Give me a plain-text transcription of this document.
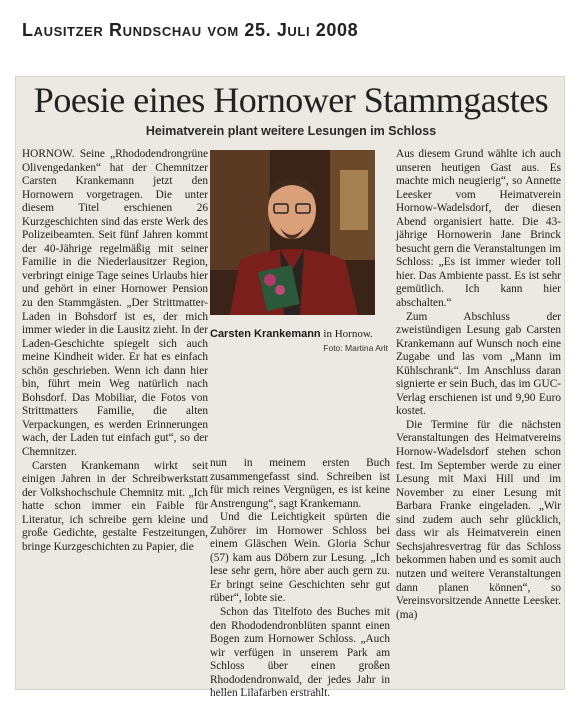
Lausitzer Rundschau vom 25. Juli 2008
Poesie eines Hornower Stammgastes
Heimatverein plant weitere Lesungen im Schloss

HORNOW. Seine „Rhododendrongrüne Olivengedanken“ hat der Chemnitzer Carsten Krankemann jetzt den Hornowern vorgetragen. Die unter diesem Titel erschienen 26 Kurzgeschichten sind das erste Werk des Polizeibeamten. Seit fünf Jahren kommt der 40-Jährige regelmäßig mit seiner Familie in die Niederlausitzer Region, verbringt einige Tage seines Urlaubs hier und gehört in einer Hornower Pension zu den Stammgästen. „Der Strittmatter-Laden in Bohsdorf ist es, der mich immer wieder in die Lausitz zieht. In der Laden-Geschichte spiegelt sich auch meine Kindheit wider. Er hat es einfach schön geschrieben. Wenn ich dann hier bin, führt mein Weg natürlich nach Bohsdorf. Das Mobiliar, die Fotos von Strittmatters Familie, die alten Verpackungen, es werden Erinnerungen wach, der Laden tut einfach gut“, so der Chemnitzer.

Carsten Krankemann wirkt seit einigen Jahren in der Schreibwerkstatt der Volkshochschule Chemnitz mit. „Ich hatte schon immer ein Faible für Literatur, ich schreibe gern kleine und große Gedichte, gestalte Festzeitungen, bringe Kurzgeschichten zu Papier, die

Carsten Krankemann in Hornow.
Foto: Martina Arlt

nun in meinem ersten Buch zusammengefasst sind. Schreiben ist für mich reines Vergnügen, es ist keine Anstrengung“, sagt Krankemann.

Und die Leichtigkeit spürten die Zuhörer im Hornower Schloss bei einem Gläschen Wein. Gloria Schur (57) kam aus Döbern zur Lesung. „Ich lese sehr gern, höre aber auch gern zu. Er bringt seine Geschichten sehr gut rüber“, lobte sie.

Schon das Titelfoto des Buches mit den Rhododendronblüten spannt einen Bogen zum Hornower Schloss. „Auch wir verfügen in unserem Park am Schloss über einen großen Rhododendronwald, der jedes Jahr in hellen Lilafarben erstrahlt.

Aus diesem Grund wählte ich auch unseren heutigen Gast aus. Es machte mich neugierig“, so Annette Leesker vom Heimatverein Hornow-Wadelsdorf, der diesen Abend organisiert hatte. Die 43-jährige Hornowerin Jane Brinck besucht gern die Veranstaltungen im Schloss: „Es ist immer wieder toll hier. Das Ambiente passt. Es ist sehr gemütlich. Ich kann hier abschalten.“

Zum Abschluss der zweistündigen Lesung gab Carsten Krankemann auf Wunsch noch eine Zugabe und las vom „Mann im Kühlschrank“. Im Anschluss daran signierte er sein Buch, das im GUC-Verlag erschienen ist und 9,90 Euro kostet.

Die Termine für die nächsten Veranstaltungen des Heimatvereins Hornow-Wadelsdorf stehen schon fest. Im September werde zu einer Lesung mit Maxi Hill und im November zu einer Lesung mit Barbara Franke eingeladen. „Wir sind zudem auch sehr glücklich, dass wir als Heimatverein einen Sechsjahresvertrag für das Schloss bekommen haben und es somit auch nutzen und weitere Veranstaltungen dann planen können“, so Vereinsvorsitzende Annette Leesker. (ma)
